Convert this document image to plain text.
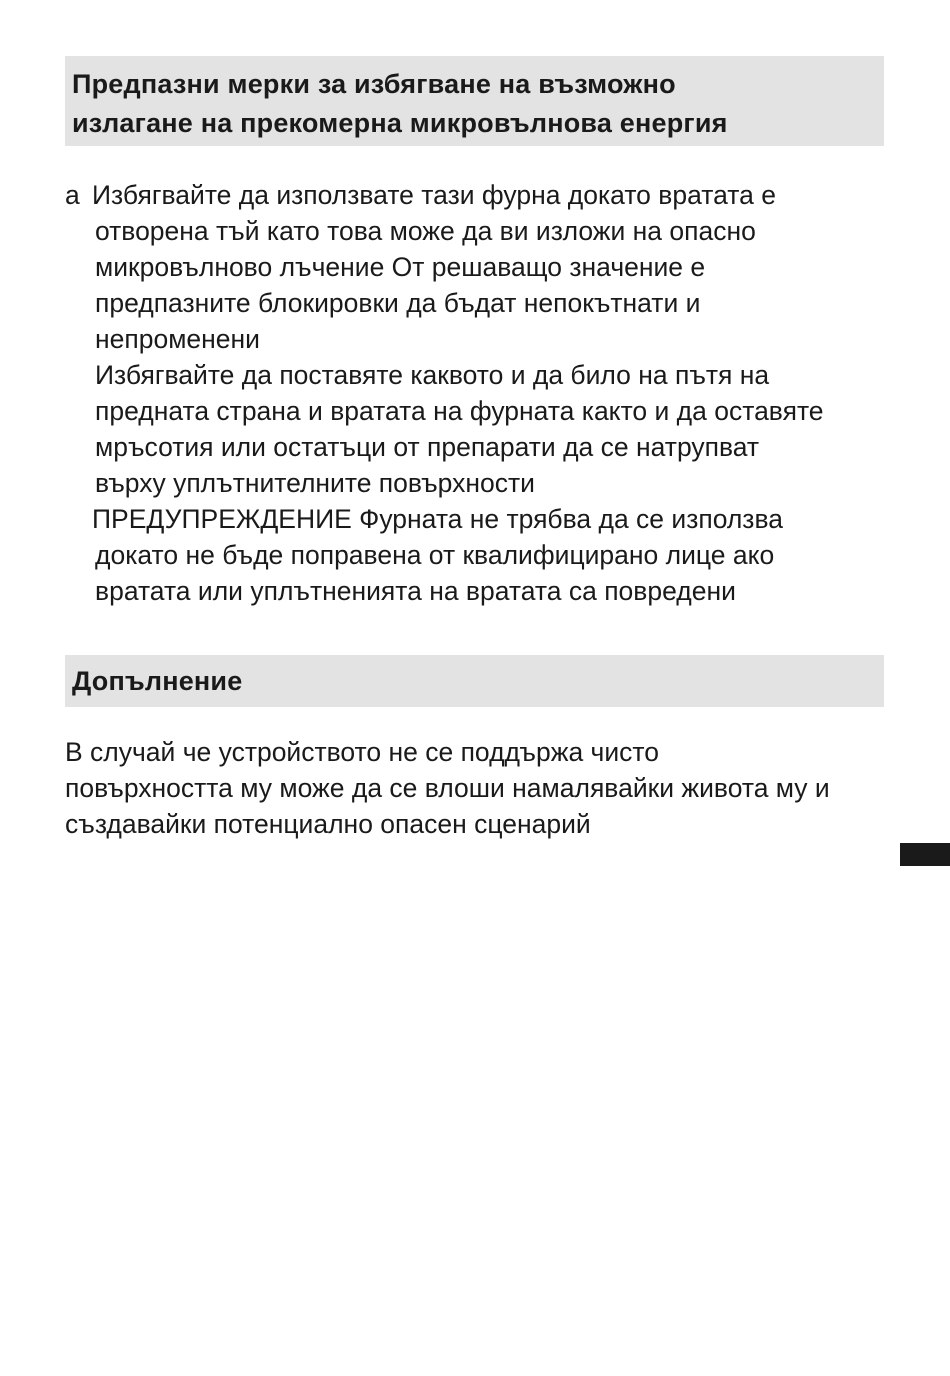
Предпазни мерки за избягване на възможно
излагане на прекомерна микровълнова енергия
a Избягвайте да използвате тази фурна докато вратата е
отворена тъй като това може да ви изложи на опасно
микровълново лъчение От решаващо значение е
предпазните блокировки да бъдат непокътнати и
непроменени
Избягвайте да поставяте каквото и да било на пътя на
предната страна и вратата на фурната както и да оставяте
мръсотия или остатъци от препарати да се натрупват
върху уплътнителните повърхности
ПРЕДУПРЕЖДЕНИЕ Фурната не трябва да се използва
докато не бъде поправена от квалифицирано лице ако
вратата или уплътненията на вратата са повредени
Допълнение
В случай че устройството не се поддържа чисто
повърхността му може да се влоши намалявайки живота му и
създавайки потенциално опасен сценарий
